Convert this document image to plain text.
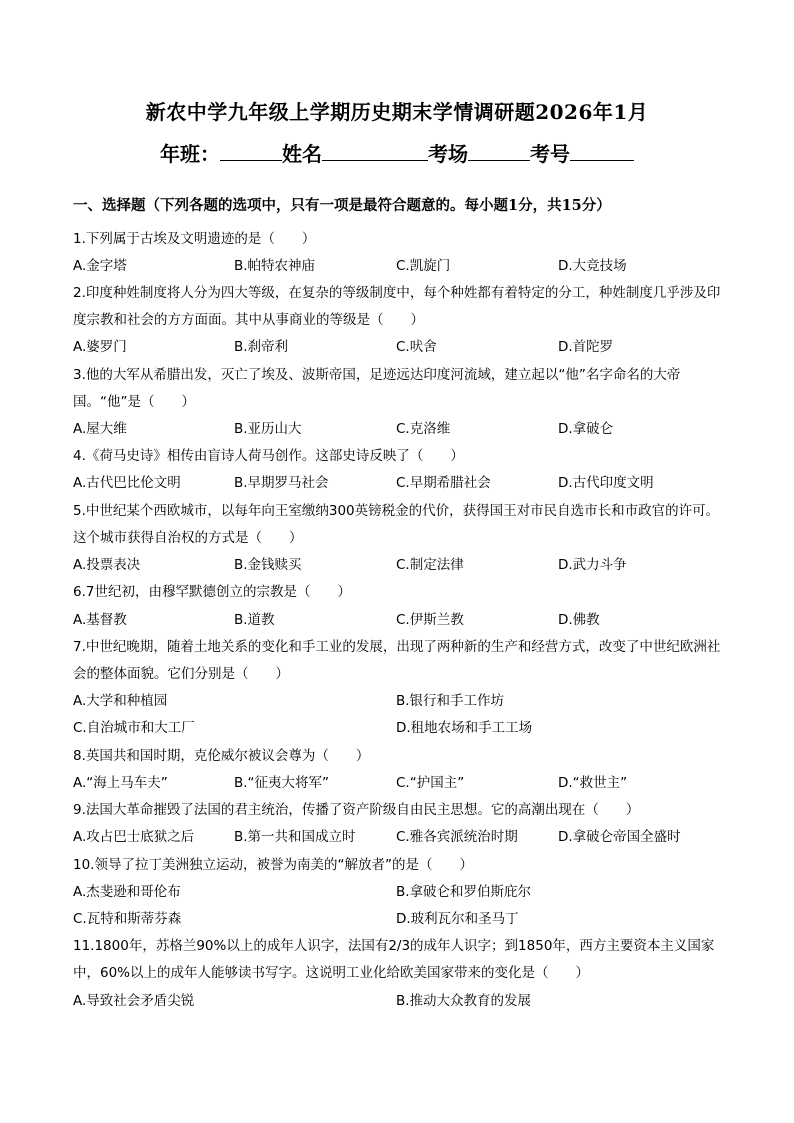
新农中学九年级上学期历史期末学情调研题2026年1月
年班：	姓名	考场	考号
一、选择题（下列各题的选项中，只有一项是最符合题意的。每小题1分，共15分）
1.下列属于古埃及文明遗迹的是（　　）
A.金字塔	B.帕特农神庙	C.凯旋门	D.大竞技场
2.印度种姓制度将人分为四大等级，在复杂的等级制度中，每个种姓都有着特定的分工，种姓制度几乎涉及印度宗教和社会的方方面面。其中从事商业的等级是（　　）
A.婆罗门	B.刹帝利	C.吠舍	D.首陀罗
3.他的大军从希腊出发，灭亡了埃及、波斯帝国，足迹远达印度河流域，建立起以“他”名字命名的大帝国。“他”是（　　）
A.屋大维	B.亚历山大	C.克洛维	D.拿破仑
4.《荷马史诗》相传由盲诗人荷马创作。这部史诗反映了（　　）
A.古代巴比伦文明	B.早期罗马社会	C.早期希腊社会	D.古代印度文明
5.中世纪某个西欧城市，以每年向王室缴纳300英镑税金的代价，获得国王对市民自选市长和市政官的许可。这个城市获得自治权的方式是（　　）
A.投票表决	B.金钱赎买	C.制定法律	D.武力斗争
6.7世纪初，由穆罕默德创立的宗教是（　　）
A.基督教	B.道教	C.伊斯兰教	D.佛教
7.中世纪晚期，随着土地关系的变化和手工业的发展，出现了两种新的生产和经营方式，改变了中世纪欧洲社会的整体面貌。它们分别是（　　）
A.大学和种植园	B.银行和手工作坊
C.自治城市和大工厂	D.租地农场和手工工场
8.英国共和国时期，克伦威尔被议会尊为（　　）
A.“海上马车夫”	B.“征夷大将军”	C.“护国主”	D.“救世主”
9.法国大革命摧毁了法国的君主统治，传播了资产阶级自由民主思想。它的高潮出现在（　　）
A.攻占巴士底狱之后	B.第一共和国成立时	C.雅各宾派统治时期	D.拿破仑帝国全盛时
10.领导了拉丁美洲独立运动，被誉为南美的“解放者”的是（　　）
A.杰斐逊和哥伦布	B.拿破仑和罗伯斯庇尔
C.瓦特和斯蒂芬森	D.玻利瓦尔和圣马丁
11.1800年，苏格兰90%以上的成年人识字，法国有2/3的成年人识字；到1850年，西方主要资本主义国家中，60%以上的成年人能够读书写字。这说明工业化给欧美国家带来的变化是（　　）
A.导致社会矛盾尖锐	B.推动大众教育的发展
